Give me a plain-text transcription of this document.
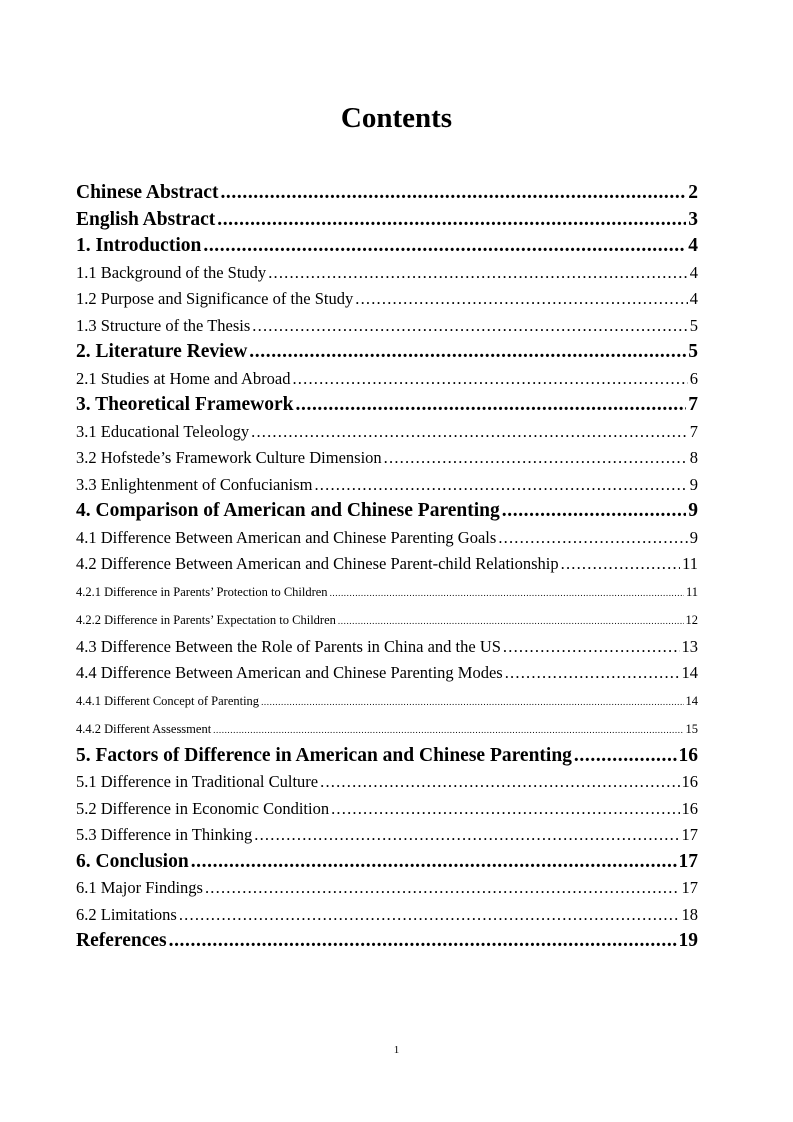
Contents
Chinese Abstract .....	2
English Abstract .....	3
1. Introduction .....	4
1.1 Background of the Study .....	4
1.2 Purpose and Significance of the Study .....	4
1.3 Structure of the Thesis .....	5
2. Literature Review .....	5
2.1 Studies at Home and Abroad .....	6
3. Theoretical Framework .....	7
3.1 Educational Teleology .....	7
3.2 Hofstede’s Framework Culture Dimension .....	8
3.3 Enlightenment of Confucianism .....	9
4. Comparison of American and Chinese Parenting .....	9
4.1 Difference Between American and Chinese Parenting Goals .....	9
4.2 Difference Between American and Chinese Parent-child Relationship .....	11
4.2.1 Difference in Parents’ Protection to Children .....	11
4.2.2 Difference in Parents’ Expectation to Children .....	12
4.3 Difference Between the Role of Parents in China and the US .....	13
4.4 Difference Between American and Chinese Parenting Modes .....	14
4.4.1 Different Concept of Parenting .....	14
4.4.2 Different Assessment .....	15
5. Factors of Difference in American and Chinese Parenting .....	16
5.1 Difference in Traditional Culture .....	16
5.2 Difference in Economic Condition .....	16
5.3 Difference in Thinking .....	17
6. Conclusion .....	17
6.1 Major Findings .....	17
6.2 Limitations .....	18
References .....	19
1
